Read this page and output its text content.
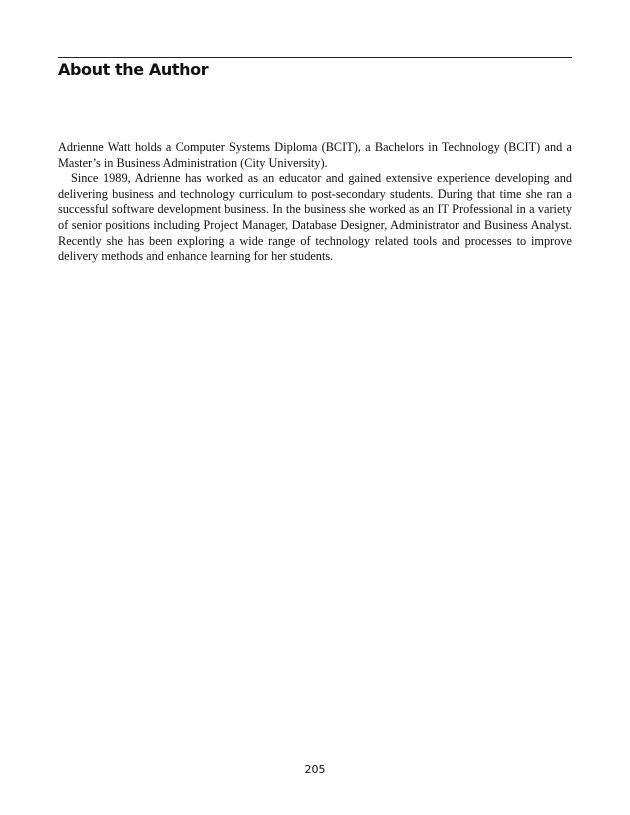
About the Author

Adrienne Watt holds a Computer Systems Diploma (BCIT), a Bachelors in Technology (BCIT) and a Master’s in Business Administration (City University).

Since 1989, Adrienne has worked as an educator and gained extensive experience developing and delivering business and technology curriculum to post-secondary students. During that time she ran a successful software development business. In the business she worked as an IT Professional in a variety of senior positions including Project Manager, Database Designer, Administrator and Business Analyst. Recently she has been exploring a wide range of technology related tools and processes to improve delivery methods and enhance learning for her students.

205
